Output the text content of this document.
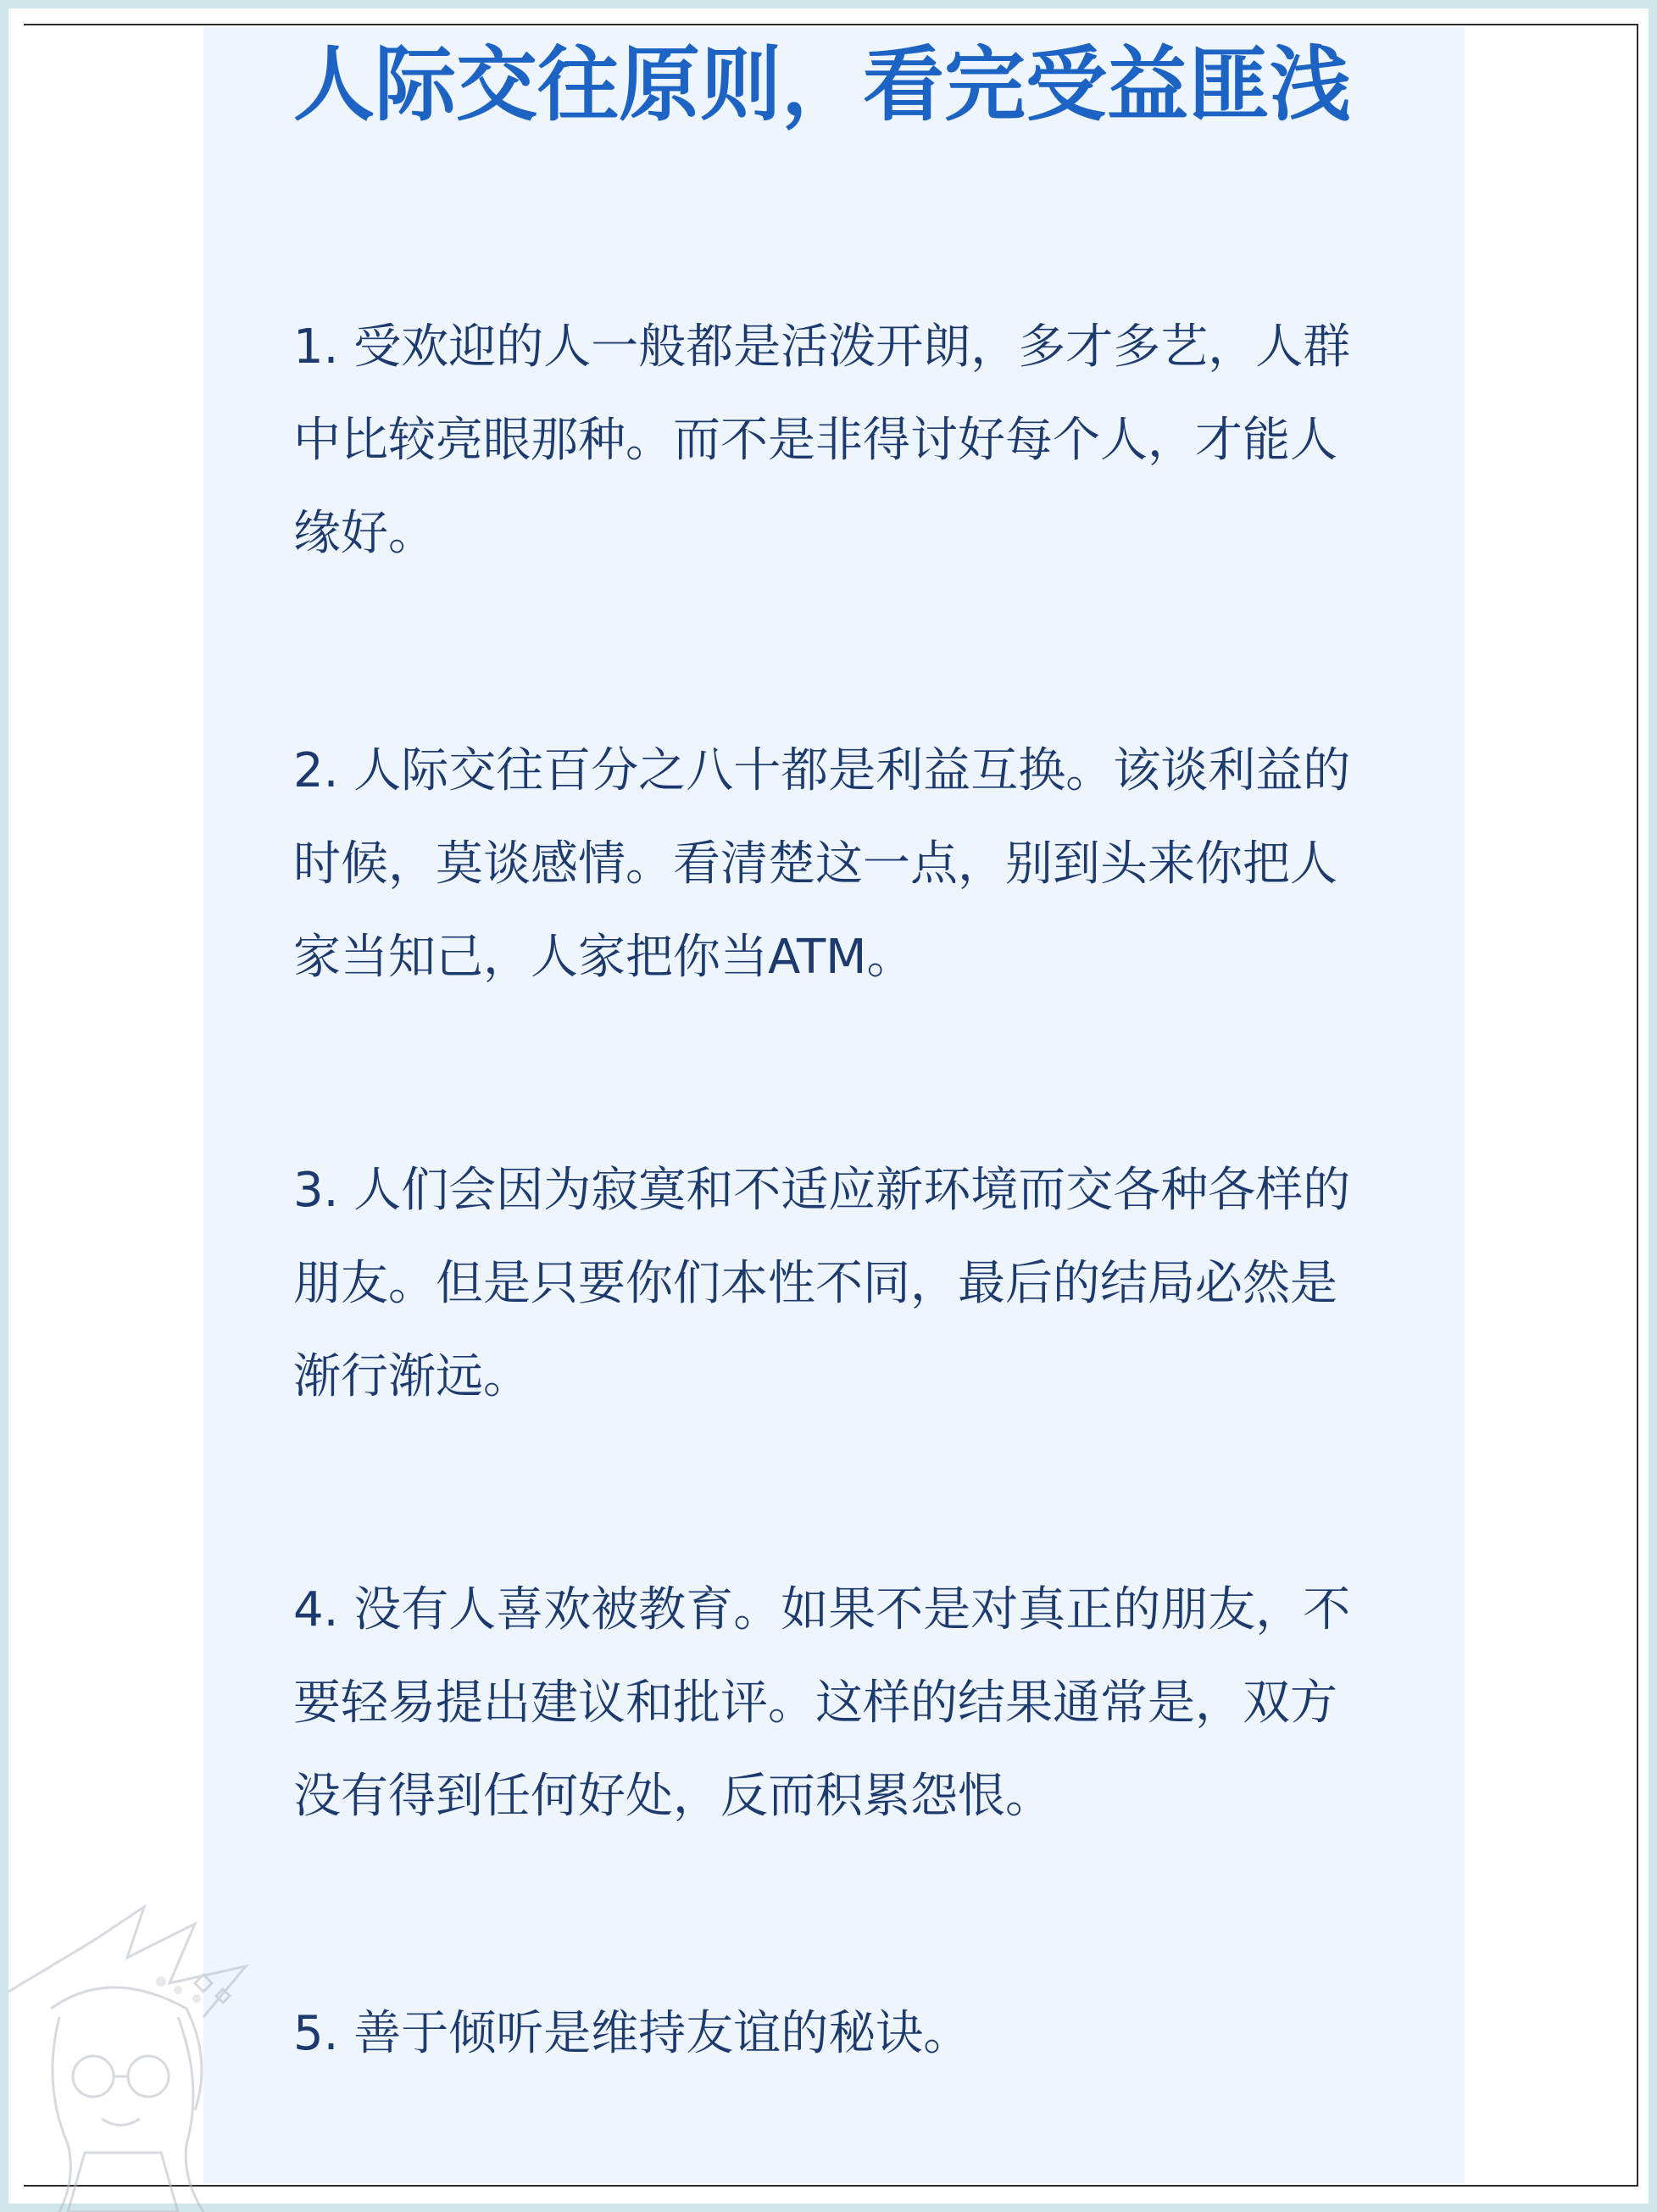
人际交往原则，看完受益匪浅

1. 受欢迎的人一般都是活泼开朗，多才多艺，人群中比较亮眼那种。而不是非得讨好每个人，才能人缘好。

2. 人际交往百分之八十都是利益互换。该谈利益的时候，莫谈感情。看清楚这一点，别到头来你把人家当知己，人家把你当ATM。

3. 人们会因为寂寞和不适应新环境而交各种各样的朋友。但是只要你们本性不同，最后的结局必然是渐行渐远。

4. 没有人喜欢被教育。如果不是对真正的朋友，不要轻易提出建议和批评。这样的结果通常是，双方没有得到任何好处，反而积累怨恨。

5. 善于倾听是维持友谊的秘诀。
